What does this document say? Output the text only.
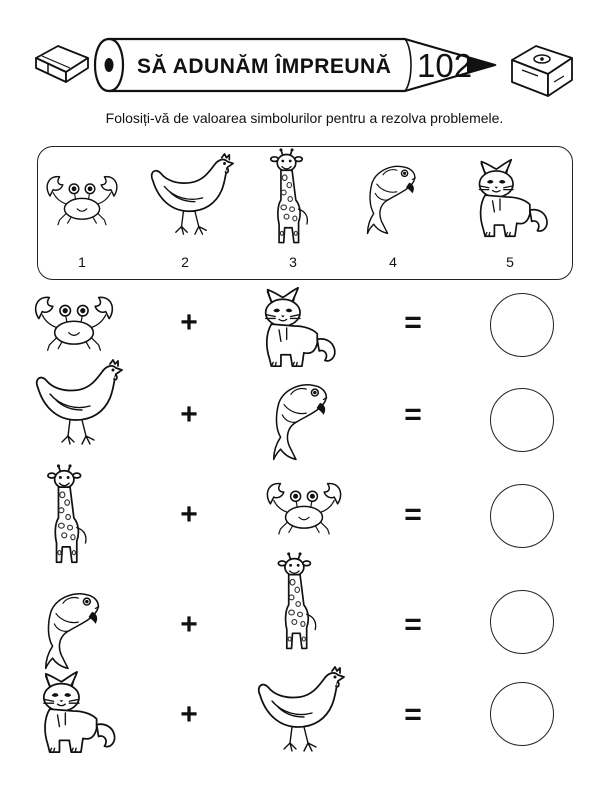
SĂ ADUNĂM ÎMPREUNĂ 102
Folosiți-vă de valoarea simbolurilor pentru a rezolva problemele.
1	2	3	4	5
+	=
+	=
+	=
+	=
+	=
